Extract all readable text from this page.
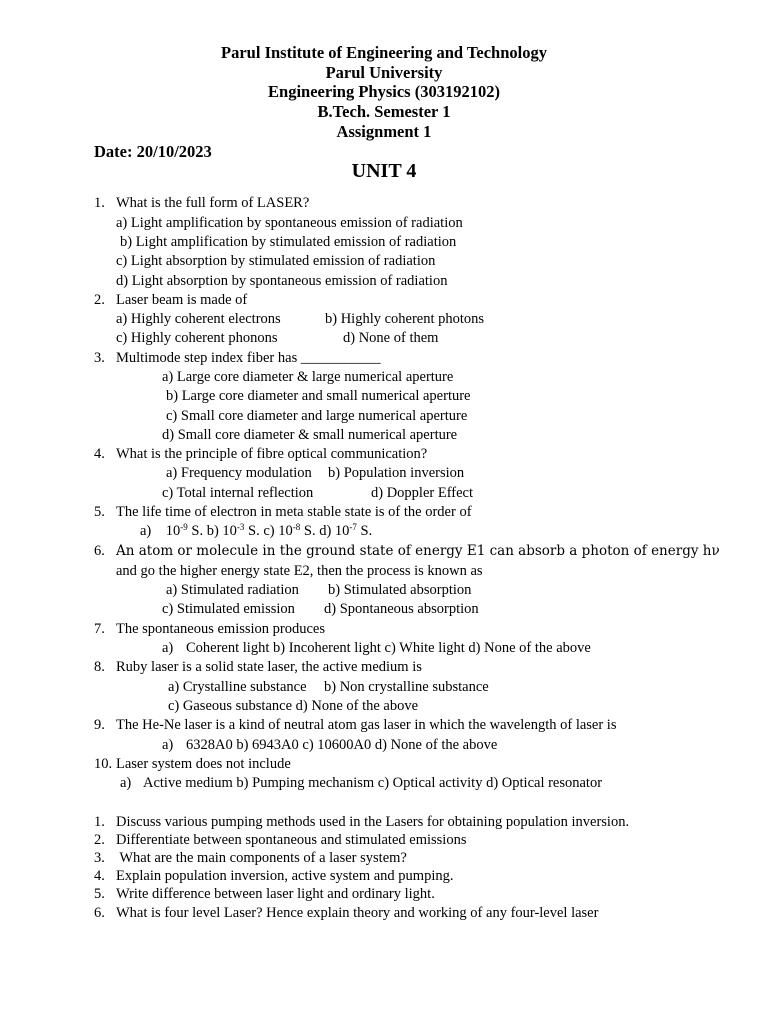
Parul Institute of Engineering and Technology
Parul University
Engineering Physics (303192102)
B.Tech. Semester 1
Assignment 1
Date: 20/10/2023
UNIT 4
1. What is the full form of LASER?
a) Light amplification by spontaneous emission of radiation
b) Light amplification by stimulated emission of radiation
c) Light absorption by stimulated emission of radiation
d) Light absorption by spontaneous emission of radiation
2. Laser beam is made of
a) Highly coherent electrons	b) Highly coherent photons
c) Highly coherent phonons	d) None of them
3. Multimode step index fiber has ___________
a) Large core diameter & large numerical aperture
b) Large core diameter and small numerical aperture
c) Small core diameter and large numerical aperture
d) Small core diameter & small numerical aperture
4. What is the principle of fibre optical communication?
a) Frequency modulation b) Population inversion
c) Total internal reflection	d) Doppler Effect
5. The life time of electron in meta stable state is of the order of
a) $10^{-9}$ S. b) $10^{-3}$ S. c) $10^{-8}$ S. d) $10^{-7}$ S.
6. An atom or molecule in the ground state of energy E1 can absorb a photon of energy hν
and go the higher energy state E2, then the process is known as
a) Stimulated radiation b) Stimulated absorption
c) Stimulated emission d) Spontaneous absorption
7. The spontaneous emission produces
a) Coherent light b) Incoherent light c) White light d) None of the above
8. Ruby laser is a solid state laser, the active medium is
a) Crystalline substance b) Non crystalline substance
c) Gaseous substance d) None of the above
9. The He-Ne laser is a kind of neutral atom gas laser in which the wavelength of laser is
a) 6328A0 b) 6943A0 c) 10600A0 d) None of the above
10. Laser system does not include
a) Active medium b) Pumping mechanism c) Optical activity d) Optical resonator
1. Discuss various pumping methods used in the Lasers for obtaining population inversion.
2. Differentiate between spontaneous and stimulated emissions
3. What are the main components of a laser system?
4. Explain population inversion, active system and pumping.
5. Write difference between laser light and ordinary light.
6. What is four level Laser? Hence explain theory and working of any four-level laser
